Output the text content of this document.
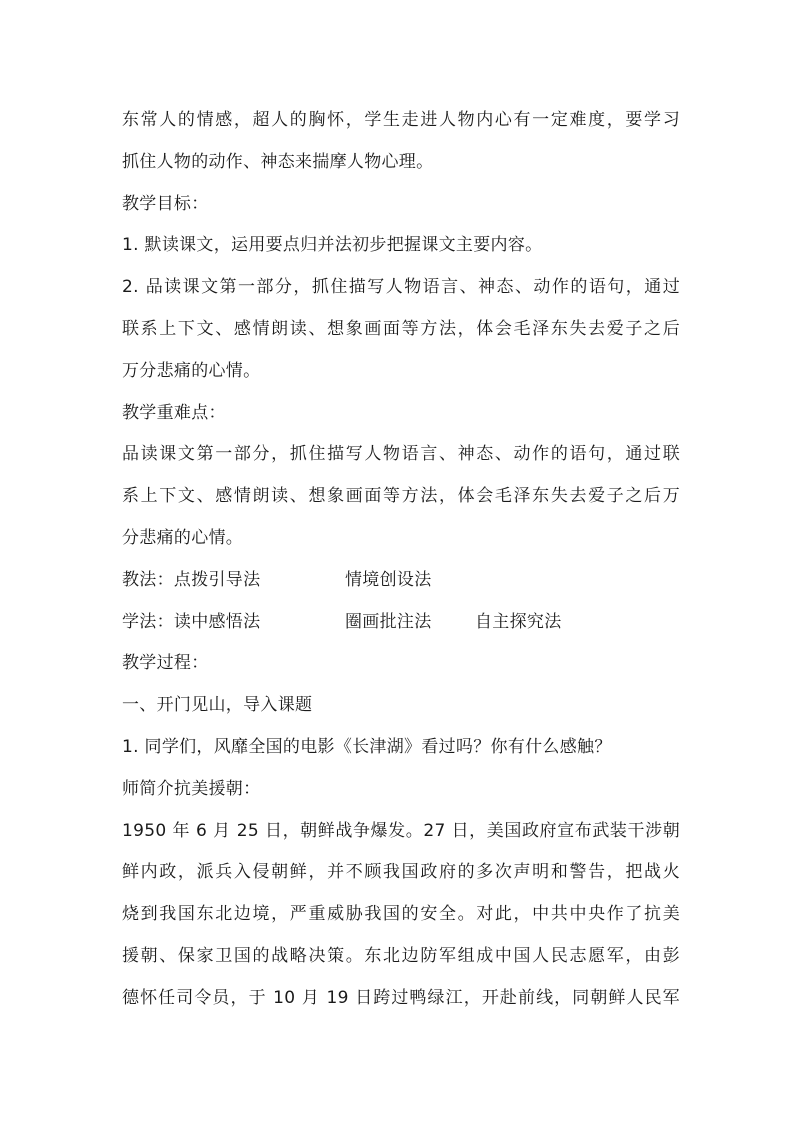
东常人的情感，超人的胸怀，学生走进人物内心有一定难度，要学习
抓住人物的动作、神态来揣摩人物心理。
教学目标：
1. 默读课文，运用要点归并法初步把握课文主要内容。
2. 品读课文第一部分，抓住描写人物语言、神态、动作的语句，通过
联系上下文、感情朗读、想象画面等方法，体会毛泽东失去爱子之后
万分悲痛的心情。
教学重难点：
品读课文第一部分，抓住描写人物语言、神态、动作的语句，通过联
系上下文、感情朗读、想象画面等方法，体会毛泽东失去爱子之后万
分悲痛的心情。
教法：点拨引导法	情境创设法
学法：读中感悟法	圈画批注法	自主探究法
教学过程：
一、开门见山，导入课题
1. 同学们，风靡全国的电影《长津湖》看过吗？你有什么感触？
师简介抗美援朝：
1950 年 6 月 25 日，朝鲜战争爆发。27 日，美国政府宣布武装干涉朝
鲜内政，派兵入侵朝鲜，并不顾我国政府的多次声明和警告，把战火
烧到我国东北边境，严重威胁我国的安全。对此，中共中央作了抗美
援朝、保家卫国的战略决策。东北边防军组成中国人民志愿军，由彭
德怀任司令员，于 10 月 19 日跨过鸭绿江，开赴前线，同朝鲜人民军
